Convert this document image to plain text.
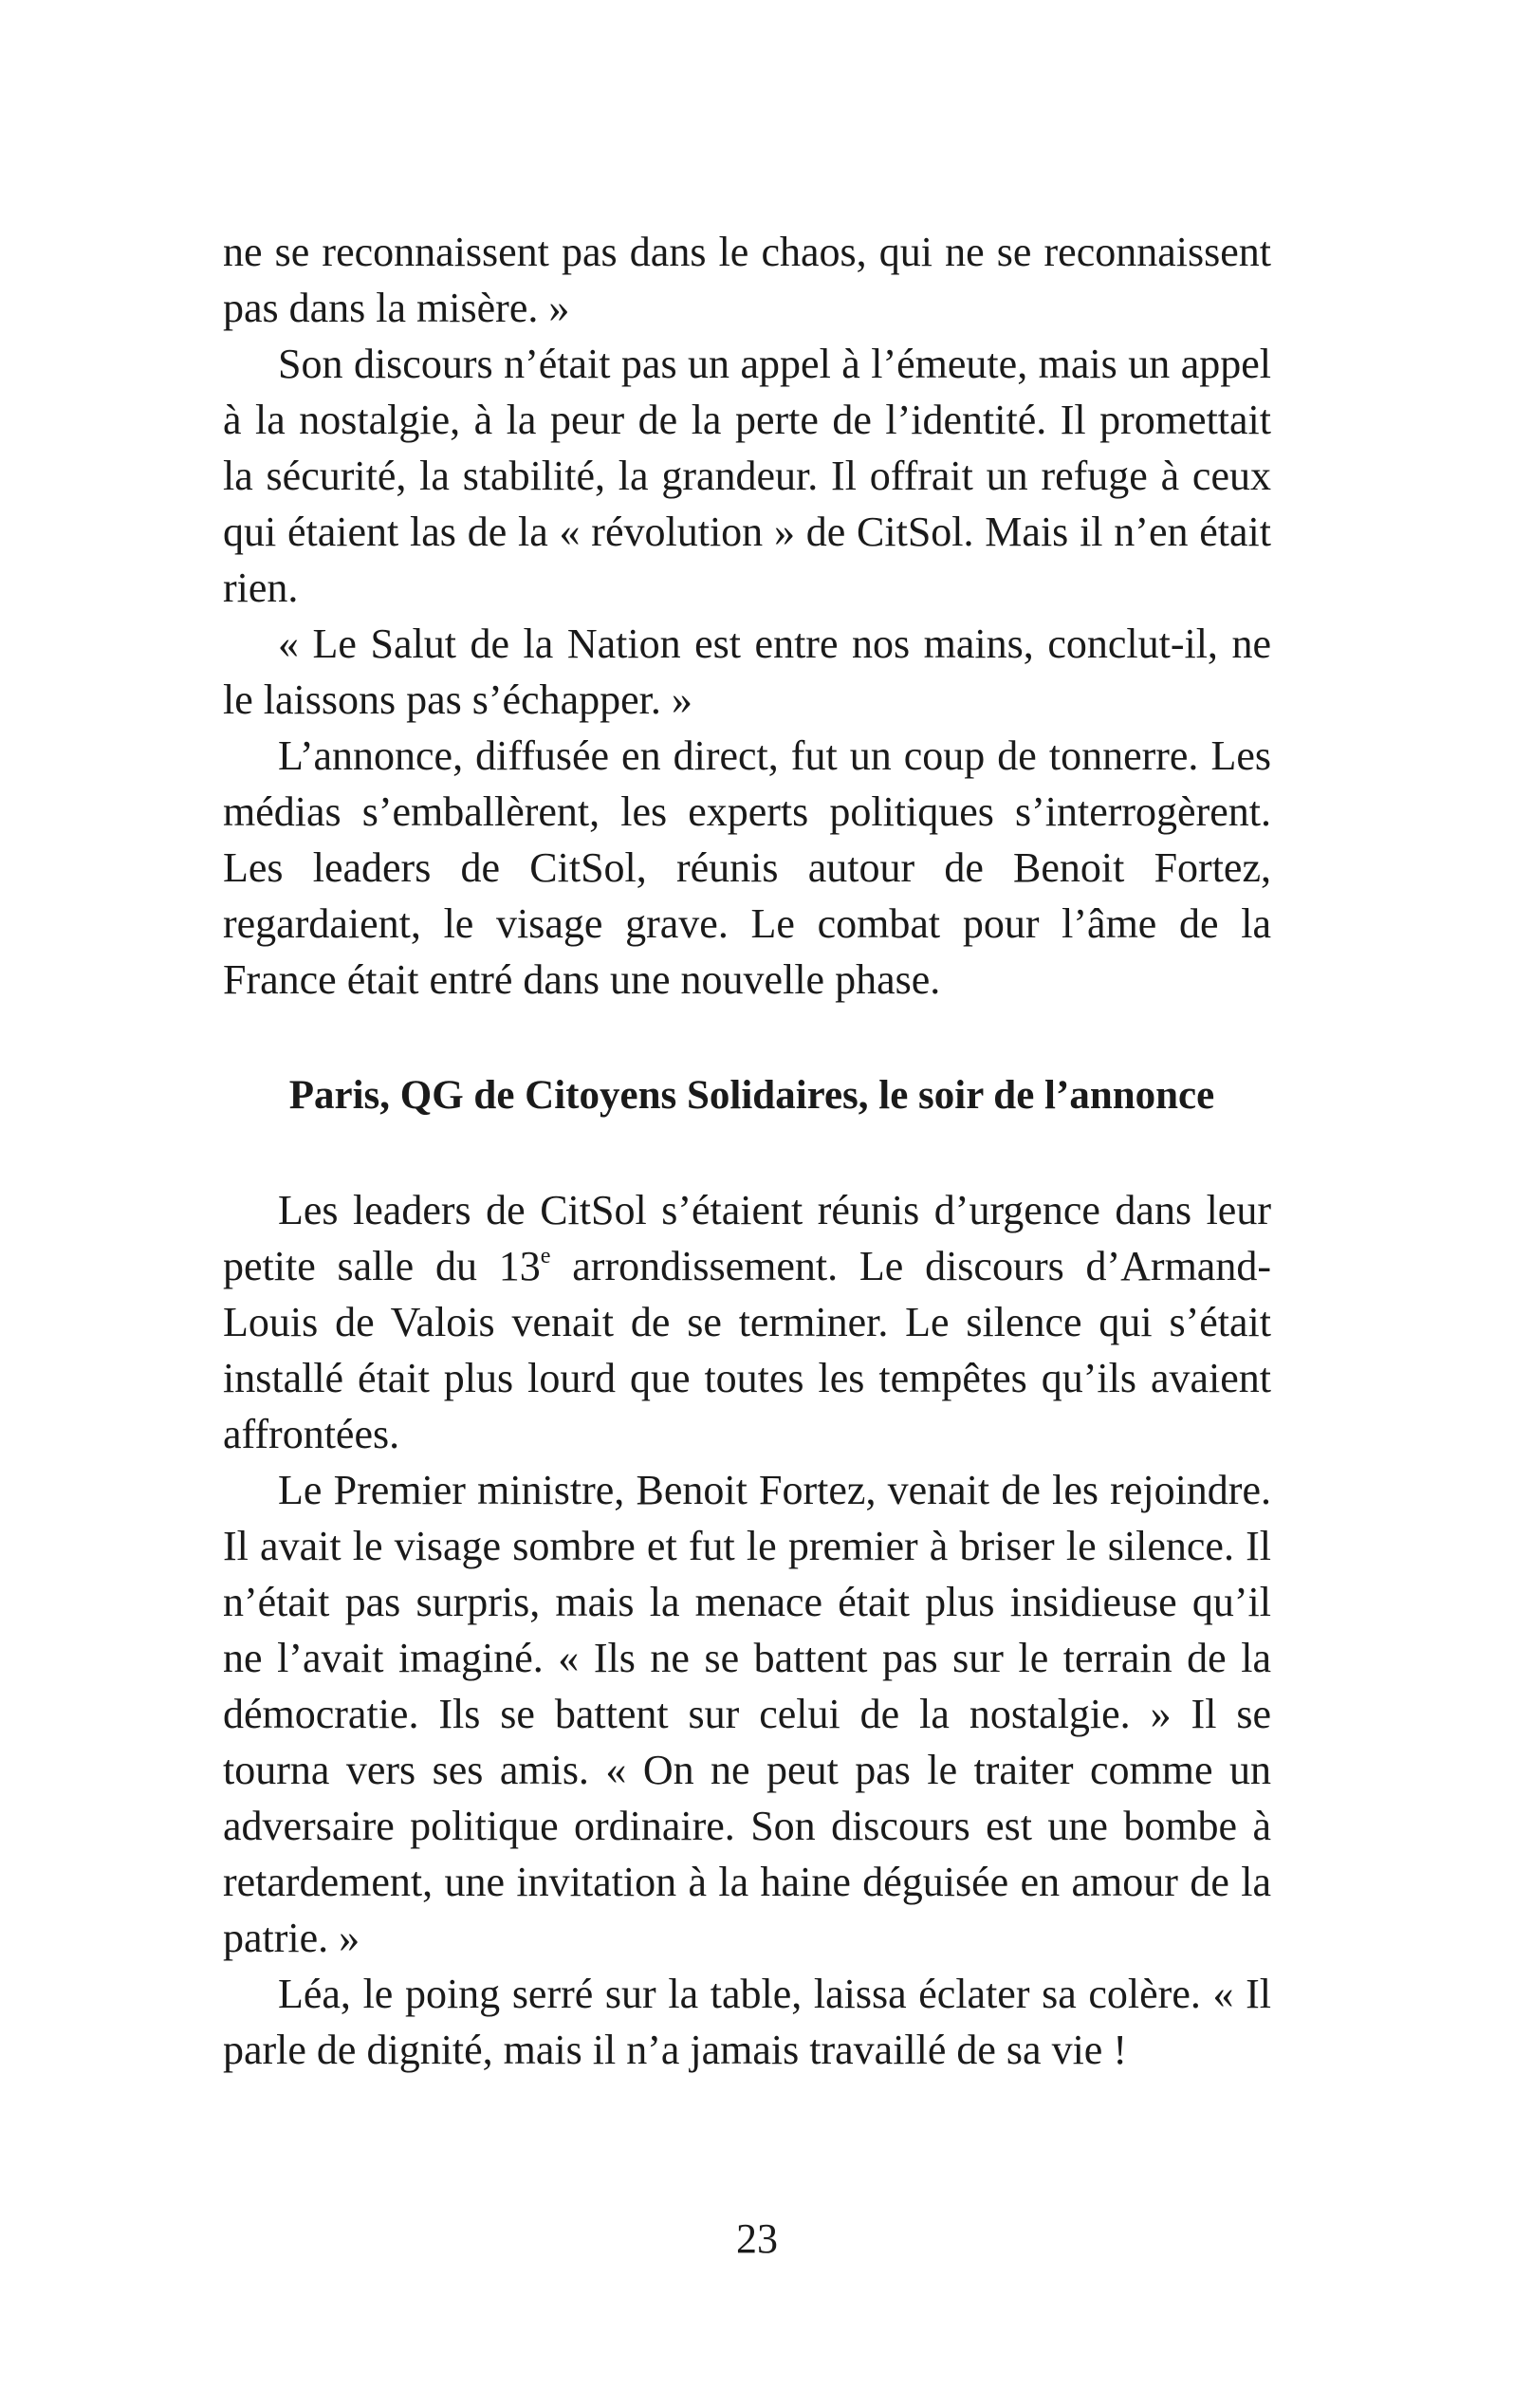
ne se reconnaissent pas dans le chaos, qui ne se reconnaissent pas dans la misère. »

Son discours n’était pas un appel à l’émeute, mais un appel à la nostalgie, à la peur de la perte de l’identité. Il promettait la sécurité, la stabilité, la grandeur. Il offrait un refuge à ceux qui étaient las de la « révolution » de CitSol. Mais il n’en était rien.

« Le Salut de la Nation est entre nos mains, conclut-il, ne le laissons pas s’échapper. »

L’annonce, diffusée en direct, fut un coup de tonnerre. Les médias s’emballèrent, les experts politiques s’interrogèrent. Les leaders de CitSol, réunis autour de Benoit Fortez, regardaient, le visage grave. Le combat pour l’âme de la France était entré dans une nouvelle phase.

Paris, QG de Citoyens Solidaires, le soir de l’annonce

Les leaders de CitSol s’étaient réunis d’urgence dans leur petite salle du 13e arrondissement. Le discours d’Armand-Louis de Valois venait de se terminer. Le silence qui s’était installé était plus lourd que toutes les tempêtes qu’ils avaient affrontées.

Le Premier ministre, Benoit Fortez, venait de les rejoindre. Il avait le visage sombre et fut le premier à briser le silence. Il n’était pas surpris, mais la menace était plus insidieuse qu’il ne l’avait imaginé. « Ils ne se battent pas sur le terrain de la démocratie. Ils se battent sur celui de la nostalgie. » Il se tourna vers ses amis. « On ne peut pas le traiter comme un adversaire politique ordinaire. Son discours est une bombe à retardement, une invitation à la haine déguisée en amour de la patrie. »

Léa, le poing serré sur la table, laissa éclater sa colère. « Il parle de dignité, mais il n’a jamais travaillé de sa vie !

23
